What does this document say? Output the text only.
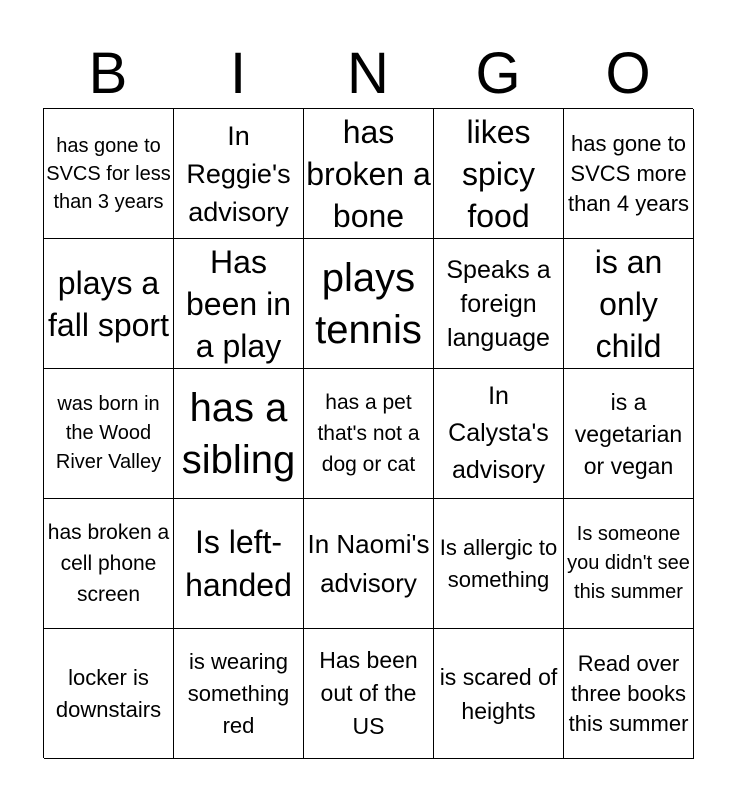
B	I	N	G	O
has gone to SVCS for less than 3 years
In Reggie's advisory
has broken a bone
likes spicy food
has gone to SVCS more than 4 years
plays a fall sport
Has been in a play
plays tennis
Speaks a foreign language
is an only child
was born in the Wood River Valley
has a sibling
has a pet that's not a dog or cat
In Calysta's advisory
is a vegetarian or vegan
has broken a cell phone screen
Is left-handed
In Naomi's advisory
Is allergic to something
Is someone you didn't see this summer
locker is downstairs
is wearing something red
Has been out of the US
is scared of heights
Read over three books this summer
